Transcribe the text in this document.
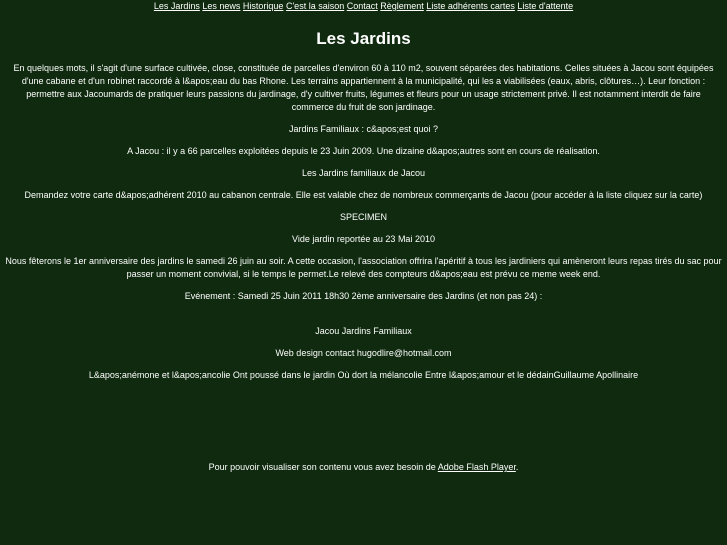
Les Jardins Les news Historique C'est la saison Contact Règlement Liste adhérents cartes Liste d'attente
Les Jardins
En quelques mots, il s'agit d'une surface cultivée, close, constituée de parcelles d'environ 60 à 110 m2, souvent séparées des habitations. Celles situées à Jacou sont équipées d'une cabane et d'un robinet raccordé à l&apos;eau du bas Rhone. Les terrains appartiennent à la municipalité, qui les a viabilisées (eaux, abris, clôtures…). Leur fonction : permettre aux Jacoumards de pratiquer leurs passions du jardinage, d'y cultiver fruits, légumes et fleurs pour un usage strictement privé. Il est notamment interdit de faire commerce du fruit de son jardinage.
Jardins Familiaux : c&apos;est quoi ?
A Jacou : il y a 66 parcelles exploitées depuis le 23 Juin 2009. Une dizaine d&apos;autres sont en cours de réalisation.
Les Jardins familiaux de Jacou
Demandez votre carte d&apos;adhérent 2010 au cabanon centrale. Elle est valable chez de nombreux commerçants de Jacou (pour accéder à la liste cliquez sur la carte)
SPECIMEN
Vide jardin reportée au 23 Mai 2010
Nous fêterons le 1er anniversaire des jardins le samedi 26 juin au soir. A cette occasion, l'association offrira l'apéritif à tous les jardiniers qui amèneront leurs repas tirés du sac pour passer un moment convivial, si le temps le permet.Le relevé des compteurs d&apos;eau est prévu ce meme week end.
Evénement : Samedi 25 Juin 2011 18h30 2ème anniversaire des Jardins (et non pas 24) :
Jacou Jardins Familiaux
Web design contact hugodlire@hotmail.com
L&apos;anémone et l&apos;ancolie Ont poussé dans le jardin Où dort la mélancolie Entre l&apos;amour et le dédainGuillaume Apollinaire
Pour pouvoir visualiser son contenu vous avez besoin de Adobe Flash Player.
